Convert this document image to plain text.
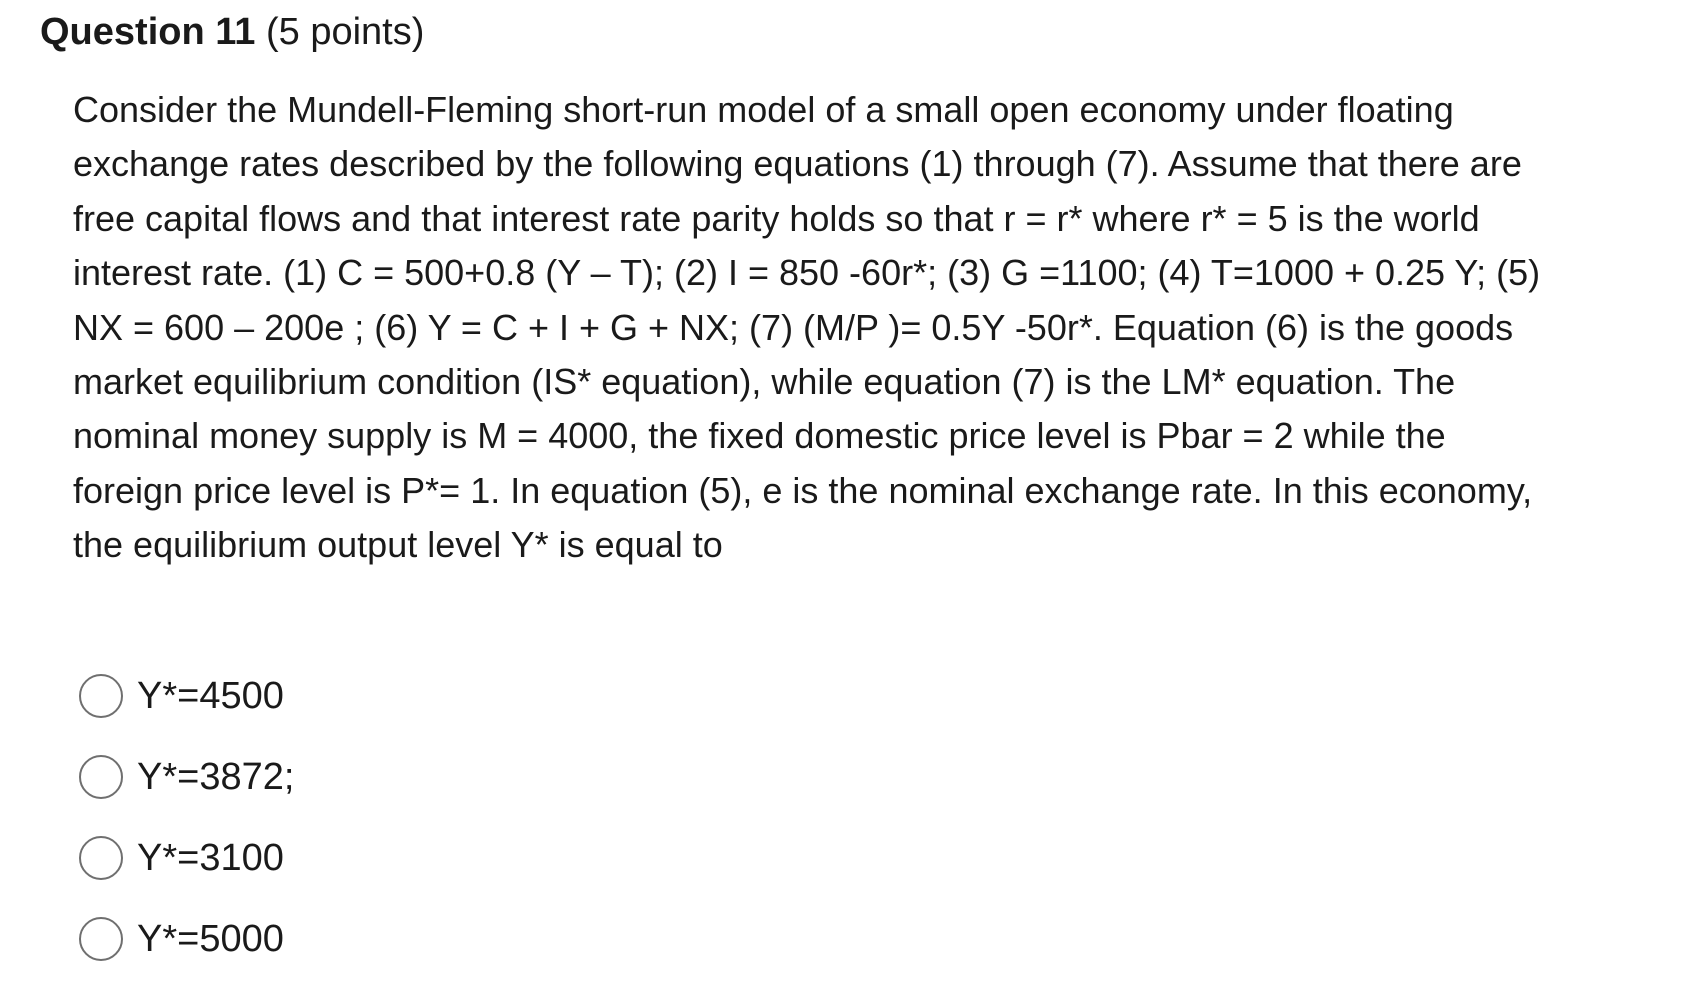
Question 11 (5 points)

Consider the Mundell-Fleming short-run model of a small open economy under floating exchange rates described by the following equations (1) through (7). Assume that there are free capital flows and that interest rate parity holds so that r = r* where r* = 5 is the world interest rate. (1) C = 500+0.8 (Y – T); (2) I = 850 -60r*; (3) G =1100; (4) T=1000 + 0.25 Y; (5) NX = 600 – 200e ; (6) Y = C + I + G + NX; (7) (M/P )= 0.5Y -50r*. Equation (6) is the goods market equilibrium condition (IS* equation), while equation (7) is the LM* equation. The nominal money supply is M = 4000, the fixed domestic price level is Pbar = 2 while the foreign price level is P*= 1. In equation (5), e is the nominal exchange rate. In this economy, the equilibrium output level Y* is equal to

Y*=4500
Y*=3872;
Y*=3100
Y*=5000
